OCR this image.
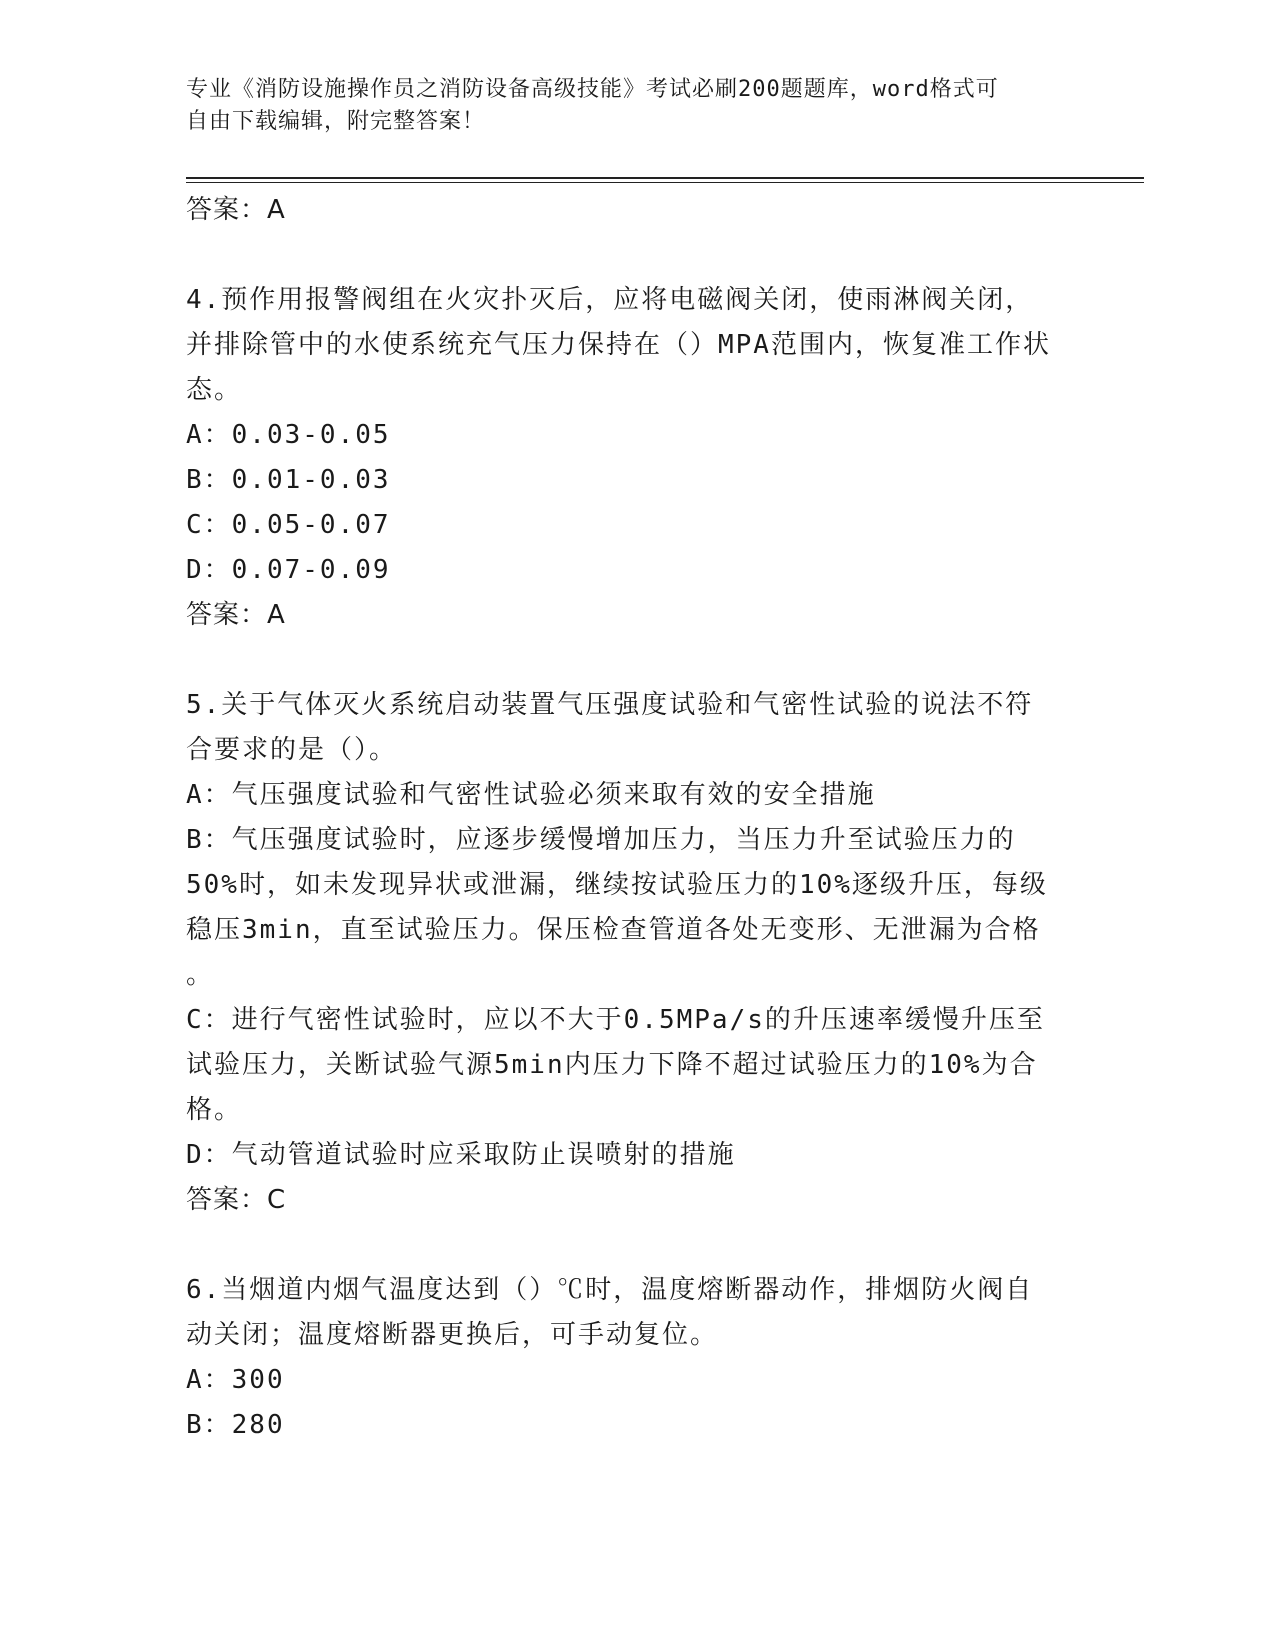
专业《消防设施操作员之消防设备高级技能》考试必刷200题题库，word格式可
自由下载编辑，附完整答案！
答案：A
4.预作用报警阀组在火灾扑灭后，应将电磁阀关闭，使雨淋阀关闭，
并排除管中的水使系统充气压力保持在（）MPA范围内，恢复准工作状
态。
A：0.03-0.05
B：0.01-0.03
C：0.05-0.07
D：0.07-0.09
答案：A
5.关于气体灭火系统启动装置气压强度试验和气密性试验的说法不符
合要求的是（）。
A：气压强度试验和气密性试验必须来取有效的安全措施
B：气压强度试验时，应逐步缓慢增加压力，当压力升至试验压力的
50%时，如未发现异状或泄漏，继续按试验压力的10%逐级升压，每级
稳压3min，直至试验压力。保压检查管道各处无变形、无泄漏为合格
。
C：进行气密性试验时，应以不大于0.5MPa/s的升压速率缓慢升压至
试验压力，关断试验气源5min内压力下降不超过试验压力的10%为合
格。
D：气动管道试验时应采取防止误喷射的措施
答案：C
6.当烟道内烟气温度达到（）℃时，温度熔断器动作，排烟防火阀自
动关闭；温度熔断器更换后，可手动复位。
A：300
B：280
